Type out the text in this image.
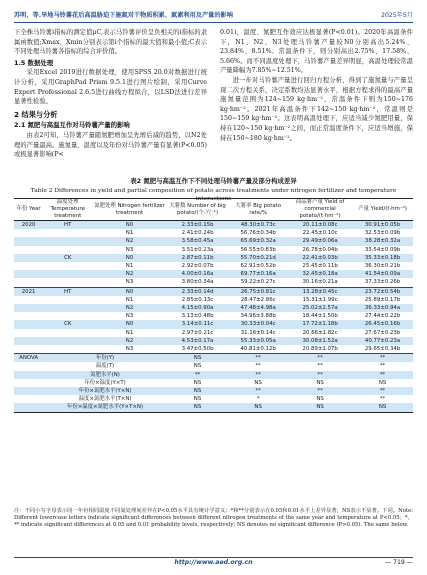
苏明，等.旱地马铃薯花后高温胁迫下施氮对干物质积累、氮素利用及产量的影响	2025年5月

下全株马铃薯i指标的测定值μC,表示马铃薯评价呈负相关的i指标的隶属函数值;Xmax、Xmin分别表示第i个指标的最大值和最小值;C表示不同处理马铃薯各指标的综合评价值。

1.5 数据处理

采用Excel 2019进行数据处理，使用SPSS 20.0对数据进行统计分析，采用GraphPad Prism 9.5.1进行图片绘制，采用Curve Expert Professional 2.6.5进行曲线方程拟合，以LSD法进行差异显著性检验。

2 结果与分析
2.1 氮肥与高温互作对马铃薯产量的影响

由表2可知，马铃薯产量随氮肥增加呈先增后减的趋势，以N2处理的产量最高。施氮量、温度以及年份对马铃薯产量有显著(P<0.05)或极显著影响(P<

0.01)，温度、氮肥互作效应达极显著(P<0.01)。2020年高温条件下，N1、N2、N3处理马铃薯产量较N0分别高出5.24%、23.84%、8.51%；常温条件下，则分别高出2.75%、17.58%、5.66%。而不同温度处理下，马铃薯产量差异明显，高温处理较常温产量降幅为7.85%~12.51%。

进一步对马铃薯产量进行回归方程分析，得到了施氮量与产量呈现二次方程关系，决定系数均达显著水平，根据方程求得的最高产量施氮量范围为124~159 kg·hm⁻²，常温条件下则为150~176 kg·hm⁻²。2021年高温条件下142~150 kg·hm⁻²，常温则是150~159 kg·hm⁻²。这表明高温处理下，应适当减少氮肥用量，保持在120~150 kg·hm⁻²之间，而正常温度条件下，应适当增施，保持在150~180 kg·hm⁻²。

表2 氮肥与高温互作下不同处理马铃薯产量及部分构成差异
Table 2 Differences in yield and partial composition of potato across treatments under nitrogen fertilizer and temperature interactions
年份 Year	温度处理 Temperature treatment	氮肥处理 Nitrogen fertilizer treatment	大薯数 Number of big potato/(个·穴⁻¹)	大薯率 Big potato rate/%	商品薯产量 Yield of commercial potato/(t·hm⁻²)	产量 Yield/(t·hm⁻²)
2020	HT	N0	2.33±0.15b	48.30±0.73c	20.11±0.08c	30.91±0.05b
		N1	2.41±0.24b	56.76±0.34b	22.45±0.10c	32.53±0.09b
		N2	3.58±0.45a	65.69±0.32a	29.49±0.06a	38.28±0.32a
		N3	3.51±0.23a	56.55±0.83b	26.78±0.04b	33.54±0.09b
	CK	N0	2.87±0.11b	55.70±0.21d	22.41±0.03b	35.33±0.18b
		N1	2.92±0.07b	62.91±0.52b	25.45±0.11b	36.30±0.21b
		N2	4.00±0.16a	69.77±0.16a	32.45±0.18a	41.54±0.09a
		N3	3.80±0.34a	59.22±0.27c	30.16±0.21a	37.33±0.26b
2021	HT	N0	2.33±0.14d	26.75±0.81c	13.28±0.45c	23.72±0.54b
		N1	2.85±0.13c	28.47±2.86c	15.31±1.99c	25.89±0.17b
		N2	4.15±0.90a	47.48±4.98a	25.02±2.57a	36.33±0.94a
		N3	3.13±0.48b	34.96±3.88b	18.44±1.50b	27.44±0.22b
	CK	N0	3.14±0.11c	30.33±0.04c	17.72±1.18b	26.45±0.16b
		N1	2.97±0.21c	31.16±0.14c	20.66±1.82c	27.67±0.23b
		N2	4.53±0.17a	55.33±0.05a	30.08±1.52a	40.77±0.23a
		N3	3.47±0.50b	40.81±0.12b	20.89±1.07b	29.65±0.34b
ANOVA	年份(Y)		NS	**	**	**
	温度(T)		NS	**	**	**
	氮肥水平(N)		**	**	**	**
	年份×温度(Y×T)		NS	NS	NS	NS
	年份×氮肥水平(Y×N)		NS	**	**	**
	温度×氮肥水平(T×N)		NS	*	NS	**
	年份×温度×氮肥水平(Y×T×N)		NS	NS	NS	NS
注：不同小写字母表示同一年份相同温度不同氮处理间差异在P<0.05水平具有统计学意义；*和**分别表示在0.05和0.01水平上差异显著，NS表示不显著。下同。Note: Different lowercase letters indicate significant differences between different nitrogen treatments of the same year and temperature at P<0.05；*，** indicate significant differences at 0.05 and 0.01 probability levels, respectively; NS denotes no significant difference (P>0.05). The same below.
http://www.aed.org.cn	— 719 —
